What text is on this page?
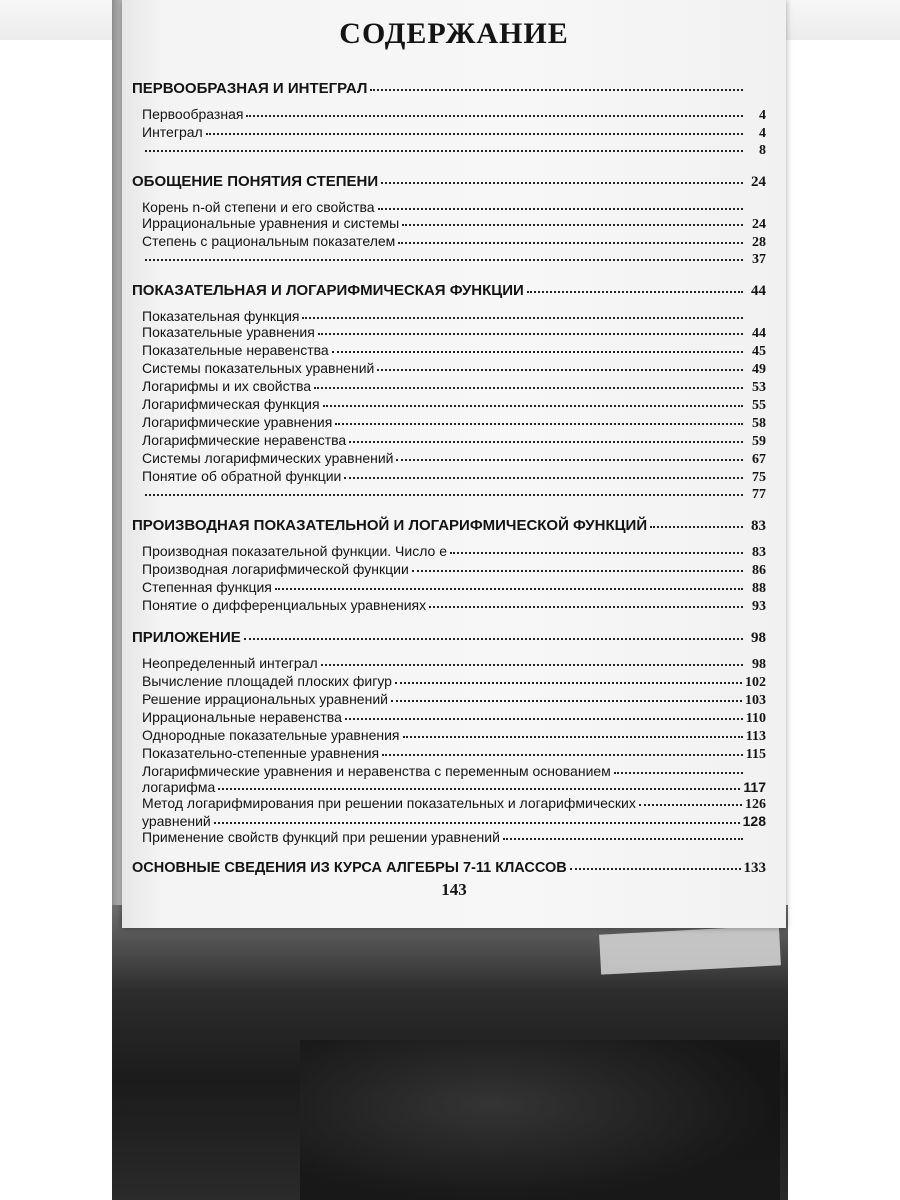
СОДЕРЖАНИЕ
ПЕРВООБРАЗНАЯ И ИНТЕГРАЛ
Первообразная	4
Интеграл	4
8
ОБОЩЕНИЕ ПОНЯТИЯ СТЕПЕНИ	24
Корень n-ой степени и его свойства
Иррациональные уравнения и системы	24
Степень с рациональным показателем	28
37
ПОКАЗАТЕЛЬНАЯ И ЛОГАРИФМИЧЕСКАЯ ФУНКЦИИ	44
Показательная функция
Показательные уравнения	44
Показательные неравенства	45
Системы показательных уравнений	49
Логарифмы и их свойства	53
Логарифмическая функция	55
Логарифмические уравнения	58
Логарифмические неравенства	59
Системы логарифмических уравнений	67
Понятие об обратной функции	75
77
ПРОИЗВОДНАЯ ПОКАЗАТЕЛЬНОЙ И ЛОГАРИФМИЧЕСКОЙ ФУНКЦИЙ	83
Производная показательной функции. Число е	83
Производная логарифмической функции	86
Степенная функция	88
Понятие о дифференциальных уравнениях	93
ПРИЛОЖЕНИЕ	98
Неопределенный интеграл	98
Вычисление площадей плоских фигур	102
Решение иррациональных уравнений	103
Иррациональные неравенства	110
Однородные показательные уравнения	113
Показательно-степенные уравнения	115
Логарифмические уравнения и неравенства с переменным основанием
логарифма	117
Метод логарифмирования при решении показательных и логарифмических	126
уравнений	128
Применение свойств функций при решении уравнений
ОСНОВНЫЕ СВЕДЕНИЯ ИЗ КУРСА АЛГЕБРЫ 7-11 КЛАССОВ	133
143
